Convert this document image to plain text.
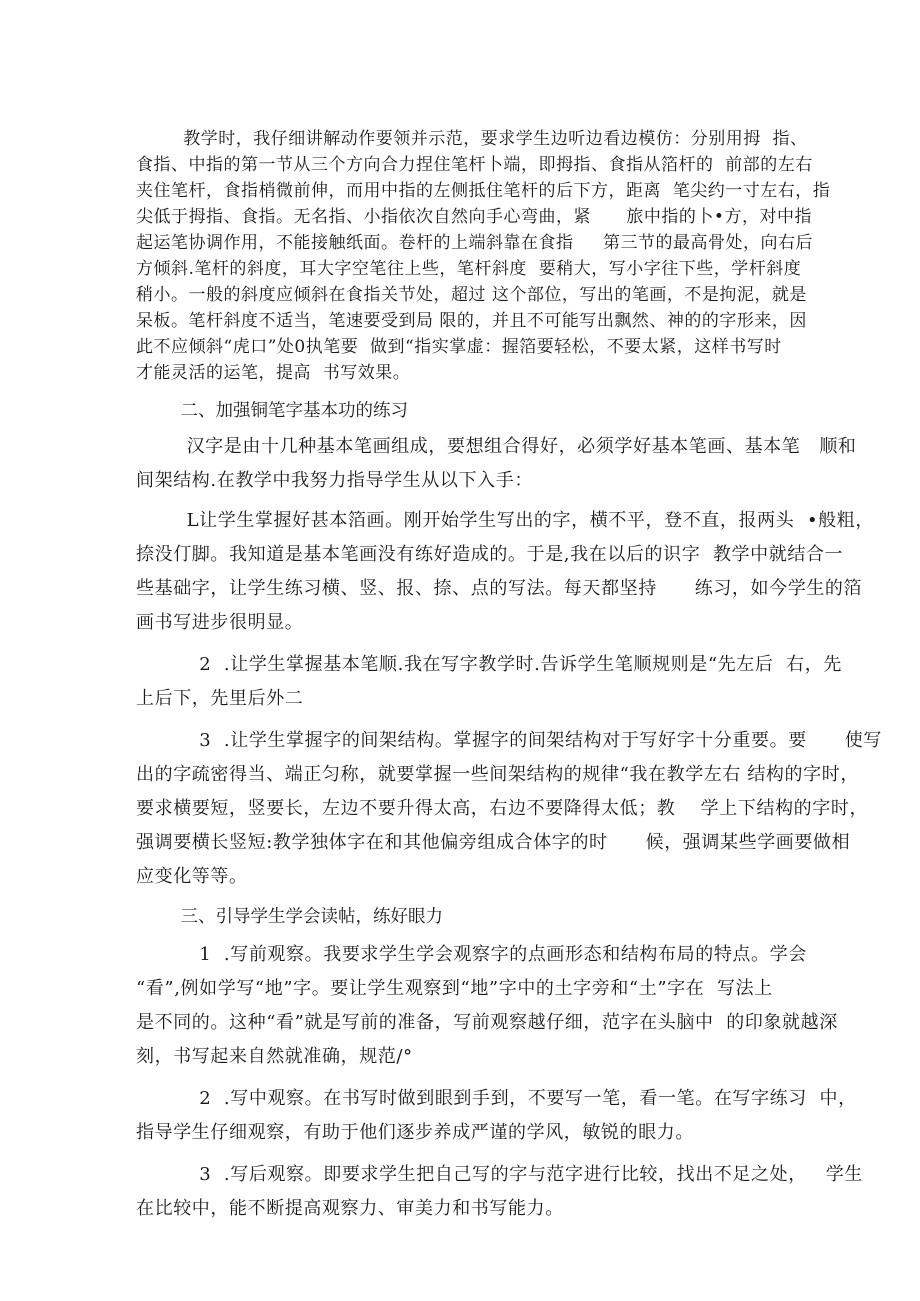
教学时，我仔细讲解动作要领并示范，要求学生边听边看边模仿：分别用拇  指、
食指、中指的第一节从三个方向合力捏住笔杆卜端，即拇指、食指从箔杆的  前部的左右
夹住笔杆，食指梢微前伸，而用中指的左侧抵住笔杆的后下方，距离  笔尖约一寸左右，指
尖低于拇指、食指。无名指、小指依次自然向手心弯曲，紧      旅中指的卜•方，对中指
起运笔协调作用，不能接触纸面。卷杆的上端斜靠在食指     第三节的最高骨处，向右后
方倾斜.笔杆的斜度，耳大字空笔往上些，笔杆斜度  要稍大，写小字往下些，学杆斜度
稍小。一般的斜度应倾斜在食指关节处，超过 这个部位，写出的笔画，不是拘泥，就是
呆板。笔杆斜度不适当，笔速要受到局 限的，并且不可能写出飘然、神的的字形来，因
此不应倾斜“虎口”处0执笔要  做到“指实掌虚：握箔要轻松，不要太紧，这样书写时
才能灵活的运笔，提高  书写效果。
二、加强铜笔字基本功的练习
汉字是由十几种基本笔画组成，要想组合得好，必须学好基本笔画、基本笔   顺和
间架结构.在教学中我努力指导学生从以下入手：
L让学生掌握好甚本箔画。刚开始学生写出的字，横不平，登不直，报两头  •般粗，
捺没仃脚。我知道是基本笔画没有练好造成的。于是,我在以后的识字  教学中就结合一
些基础字，让学生练习横、竖、报、捺、点的写法。每天都坚持      练习，如今学生的箔
画书写进步很明显。
2  .让学生掌握基本笔顺.我在写字教学时.告诉学生笔顺规则是“先左后  右，先
上后下，先里后外二
3  .让学生掌握字的间架结构。掌握字的间架结构对于写好字十分重要。要      使写
出的字疏密得当、端正匀称，就要掌握一些间架结构的规律“我在教学左右 结构的字时，
要求横要短，竖要长，左边不要升得太高，右边不要降得太低；教    学上下结构的字时，
强调要横长竖短:教学独体字在和其他偏旁组成合体字的时      候，强调某些学画要做相
应变化等等。
三、引导学生学会读帖，练好眼力
1  .写前观察。我要求学生学会观察字的点画形态和结构布局的特点。学会
“看”,例如学写“地”字。要让学生观察到“地”字中的土字旁和“土”字在  写法上
是不同的。这种“看”就是写前的准备，写前观察越仔细，范字在头脑中  的印象就越深
刻，书写起来自然就准确，规范/°
2  .写中观察。在书写时做到眼到手到，不要写一笔，看一笔。在写字练习  中，
指导学生仔细观察，有助于他们逐步养成严谨的学风，敏锐的眼力。
3  .写后观察。即要求学生把自己写的字与范字进行比较，找出不足之处，   学生
在比较中，能不断提高观察力、审美力和书写能力。
